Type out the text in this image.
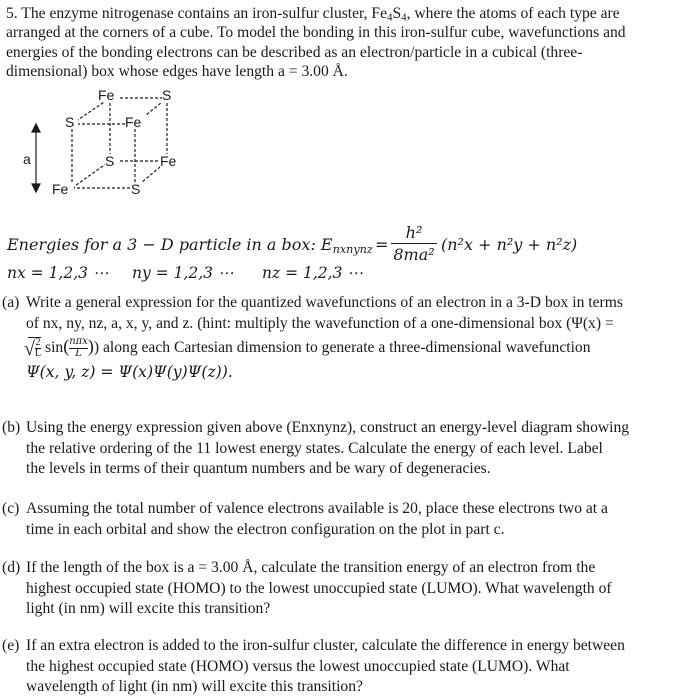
5. The enzyme nitrogenase contains an iron-sulfur cluster, $Fe_4S_4$, where the atoms of each type are
arranged at the corners of a cube. To model the bonding in this iron-sulfur cube, wavefunctions and
energies of the bonding electrons can be described as an electron/particle in a cubical (three-
dimensional) box whose edges have length a = 3.00 Å.
a
Fe	S
S	Fe
S	Fe
Fe	S
Energies for a 3 − D particle in a box: $E_{nxnynz} = \frac{\text{h²}}{\text{8ma²}} (n^2x + n^2y + n^2z)$
nx = 1,2,3 ⋯ ny = 1,2,3 ⋯ nz = 1,2,3 ⋯
(a) Write a general expression for the quantized wavefunctions of an electron in a 3-D box in terms
of nx, ny, nz, a, x, y, and z. (hint: multiply the wavefunction of a one-dimensional box (Ψ(x) =
√ $\frac{2}{L} \sin$( nπx
L )) along each Cartesian dimension to generate a three-dimensional wavefunction
Ψ(x, y, z) = Ψ(x)Ψ(y)Ψ(z)).
(b) Using the energy expression given above (Enxnynz), construct an energy-level diagram showing
the relative ordering of the 11 lowest energy states. Calculate the energy of each level. Label
the levels in terms of their quantum numbers and be wary of degeneracies.
(c) Assuming the total number of valence electrons available is 20, place these electrons two at a
time in each orbital and show the electron configuration on the plot in part c.
(d) If the length of the box is a = 3.00 Å, calculate the transition energy of an electron from the
highest occupied state (HOMO) to the lowest unoccupied state (LUMO). What wavelength of
light (in nm) will excite this transition?
(e) If an extra electron is added to the iron-sulfur cluster, calculate the difference in energy between
the highest occupied state (HOMO) versus the lowest unoccupied state (LUMO). What
wavelength of light (in nm) will excite this transition?
